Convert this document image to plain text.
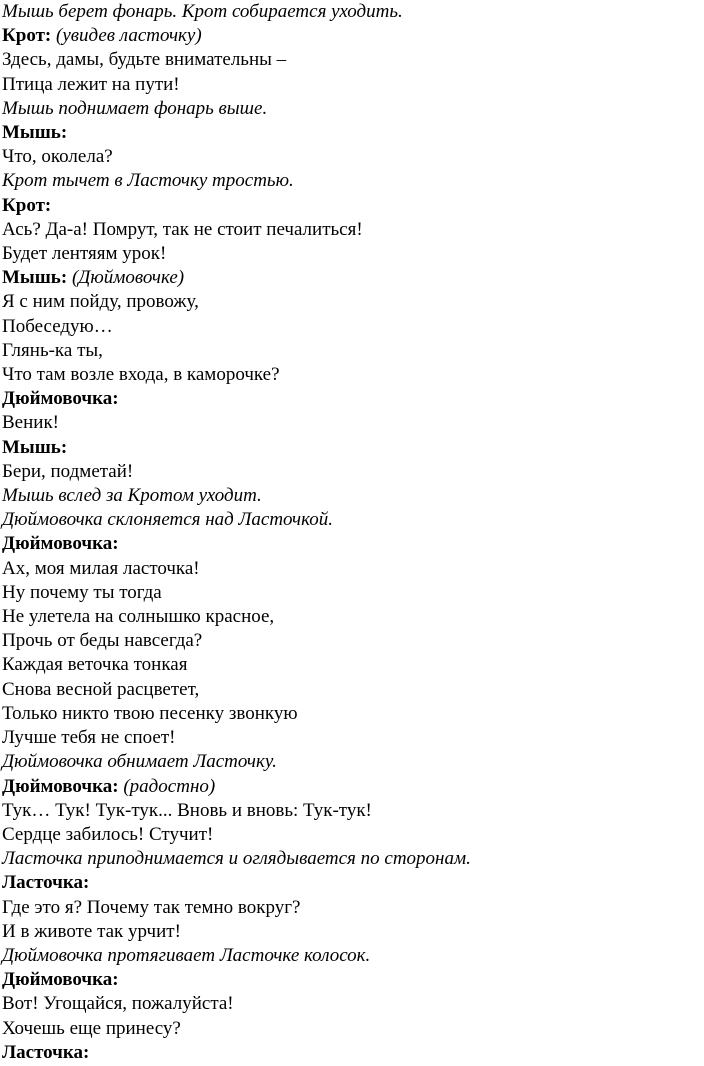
Мышь берет фонарь. Крот собирается уходить.
Крот: (увидев ласточку)
Здесь, дамы, будьте внимательны –
Птица лежит на пути!
Мышь поднимает фонарь выше.
Мышь:
Что, околела?
Крот тычет в Ласточку тростью.
Крот:
Ась? Да-а! Помрут, так не стоит печалиться!
Будет лентяям урок!
Мышь: (Дюймовочке)
Я с ним пойду, провожу,
Побеседую…
Глянь-ка ты,
Что там возле входа, в каморочке?
Дюймовочка:
Веник!
Мышь:
Бери, подметай!
Мышь вслед за Кротом уходит.
Дюймовочка склоняется над Ласточкой.
Дюймовочка:
Ах, моя милая ласточка!
Ну почему ты тогда
Не улетела на солнышко красное,
Прочь от беды навсегда?
Каждая веточка тонкая
Снова весной расцветет,
Только никто твою песенку звонкую
Лучше тебя не споет!
Дюймовочка обнимает Ласточку.
Дюймовочка: (радостно)
Тук… Тук! Тук-тук... Вновь и вновь: Тук-тук!
Сердце забилось! Стучит!
Ласточка приподнимается и оглядывается по сторонам.
Ласточка:
Где это я? Почему так темно вокруг?
И в животе так урчит!
Дюймовочка протягивает Ласточке колосок.
Дюймовочка:
Вот! Угощайся, пожалуйста!
Хочешь еще принесу?
Ласточка:
